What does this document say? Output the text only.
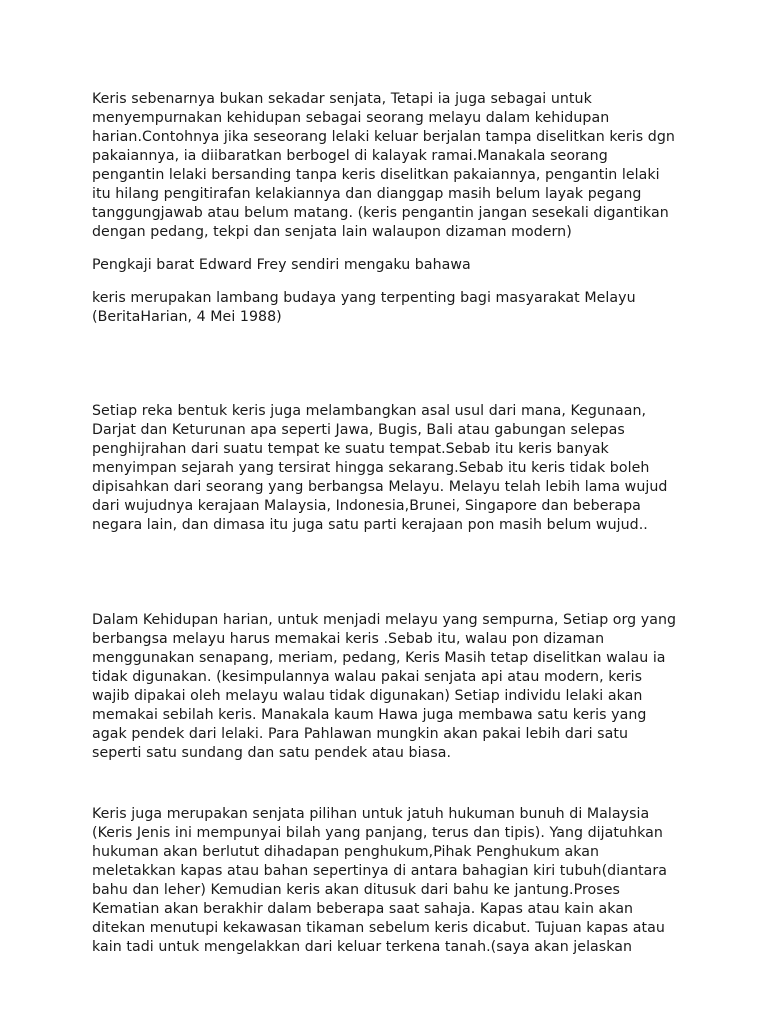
Keris sebenarnya bukan sekadar senjata, Tetapi ia juga sebagai untuk
menyempurnakan kehidupan sebagai seorang melayu dalam kehidupan
harian.Contohnya jika seseorang lelaki keluar berjalan tampa diselitkan keris dgn
pakaiannya, ia diibaratkan berbogel di kalayak ramai.Manakala seorang
pengantin lelaki bersanding tanpa keris diselitkan pakaiannya, pengantin lelaki
itu hilang pengitirafan kelakiannya dan dianggap masih belum layak pegang
tanggungjawab atau belum matang. (keris pengantin jangan sesekali digantikan
dengan pedang, tekpi dan senjata lain walaupon dizaman modern)
Pengkaji barat Edward Frey sendiri mengaku bahawa
keris merupakan lambang budaya yang terpenting bagi masyarakat Melayu
(BeritaHarian, 4 Mei 1988)
Setiap reka bentuk keris juga melambangkan asal usul dari mana, Kegunaan,
Darjat dan Keturunan apa seperti Jawa, Bugis, Bali atau gabungan selepas
penghijrahan dari suatu tempat ke suatu tempat.Sebab itu keris banyak
menyimpan sejarah yang tersirat hingga sekarang.Sebab itu keris tidak boleh
dipisahkan dari seorang yang berbangsa Melayu. Melayu telah lebih lama wujud
dari wujudnya kerajaan Malaysia, Indonesia,Brunei, Singapore dan beberapa
negara lain, dan dimasa itu juga satu parti kerajaan pon masih belum wujud..
Dalam Kehidupan harian, untuk menjadi melayu yang sempurna, Setiap org yang
berbangsa melayu harus memakai keris .Sebab itu, walau pon dizaman
menggunakan senapang, meriam, pedang, Keris Masih tetap diselitkan walau ia
tidak digunakan. (kesimpulannya walau pakai senjata api atau modern, keris
wajib dipakai oleh melayu walau tidak digunakan) Setiap individu lelaki akan
memakai sebilah keris. Manakala kaum Hawa juga membawa satu keris yang
agak pendek dari lelaki. Para Pahlawan mungkin akan pakai lebih dari satu
seperti satu sundang dan satu pendek atau biasa.
Keris juga merupakan senjata pilihan untuk jatuh hukuman bunuh di Malaysia
(Keris Jenis ini mempunyai bilah yang panjang, terus dan tipis). Yang dijatuhkan
hukuman akan berlutut dihadapan penghukum,Pihak Penghukum akan
meletakkan kapas atau bahan sepertinya di antara bahagian kiri tubuh(diantara
bahu dan leher) Kemudian keris akan ditusuk dari bahu ke jantung.Proses
Kematian akan berakhir dalam beberapa saat sahaja. Kapas atau kain akan
ditekan menutupi kekawasan tikaman sebelum keris dicabut. Tujuan kapas atau
kain tadi untuk mengelakkan dari keluar terkena tanah.(saya akan jelaskan
